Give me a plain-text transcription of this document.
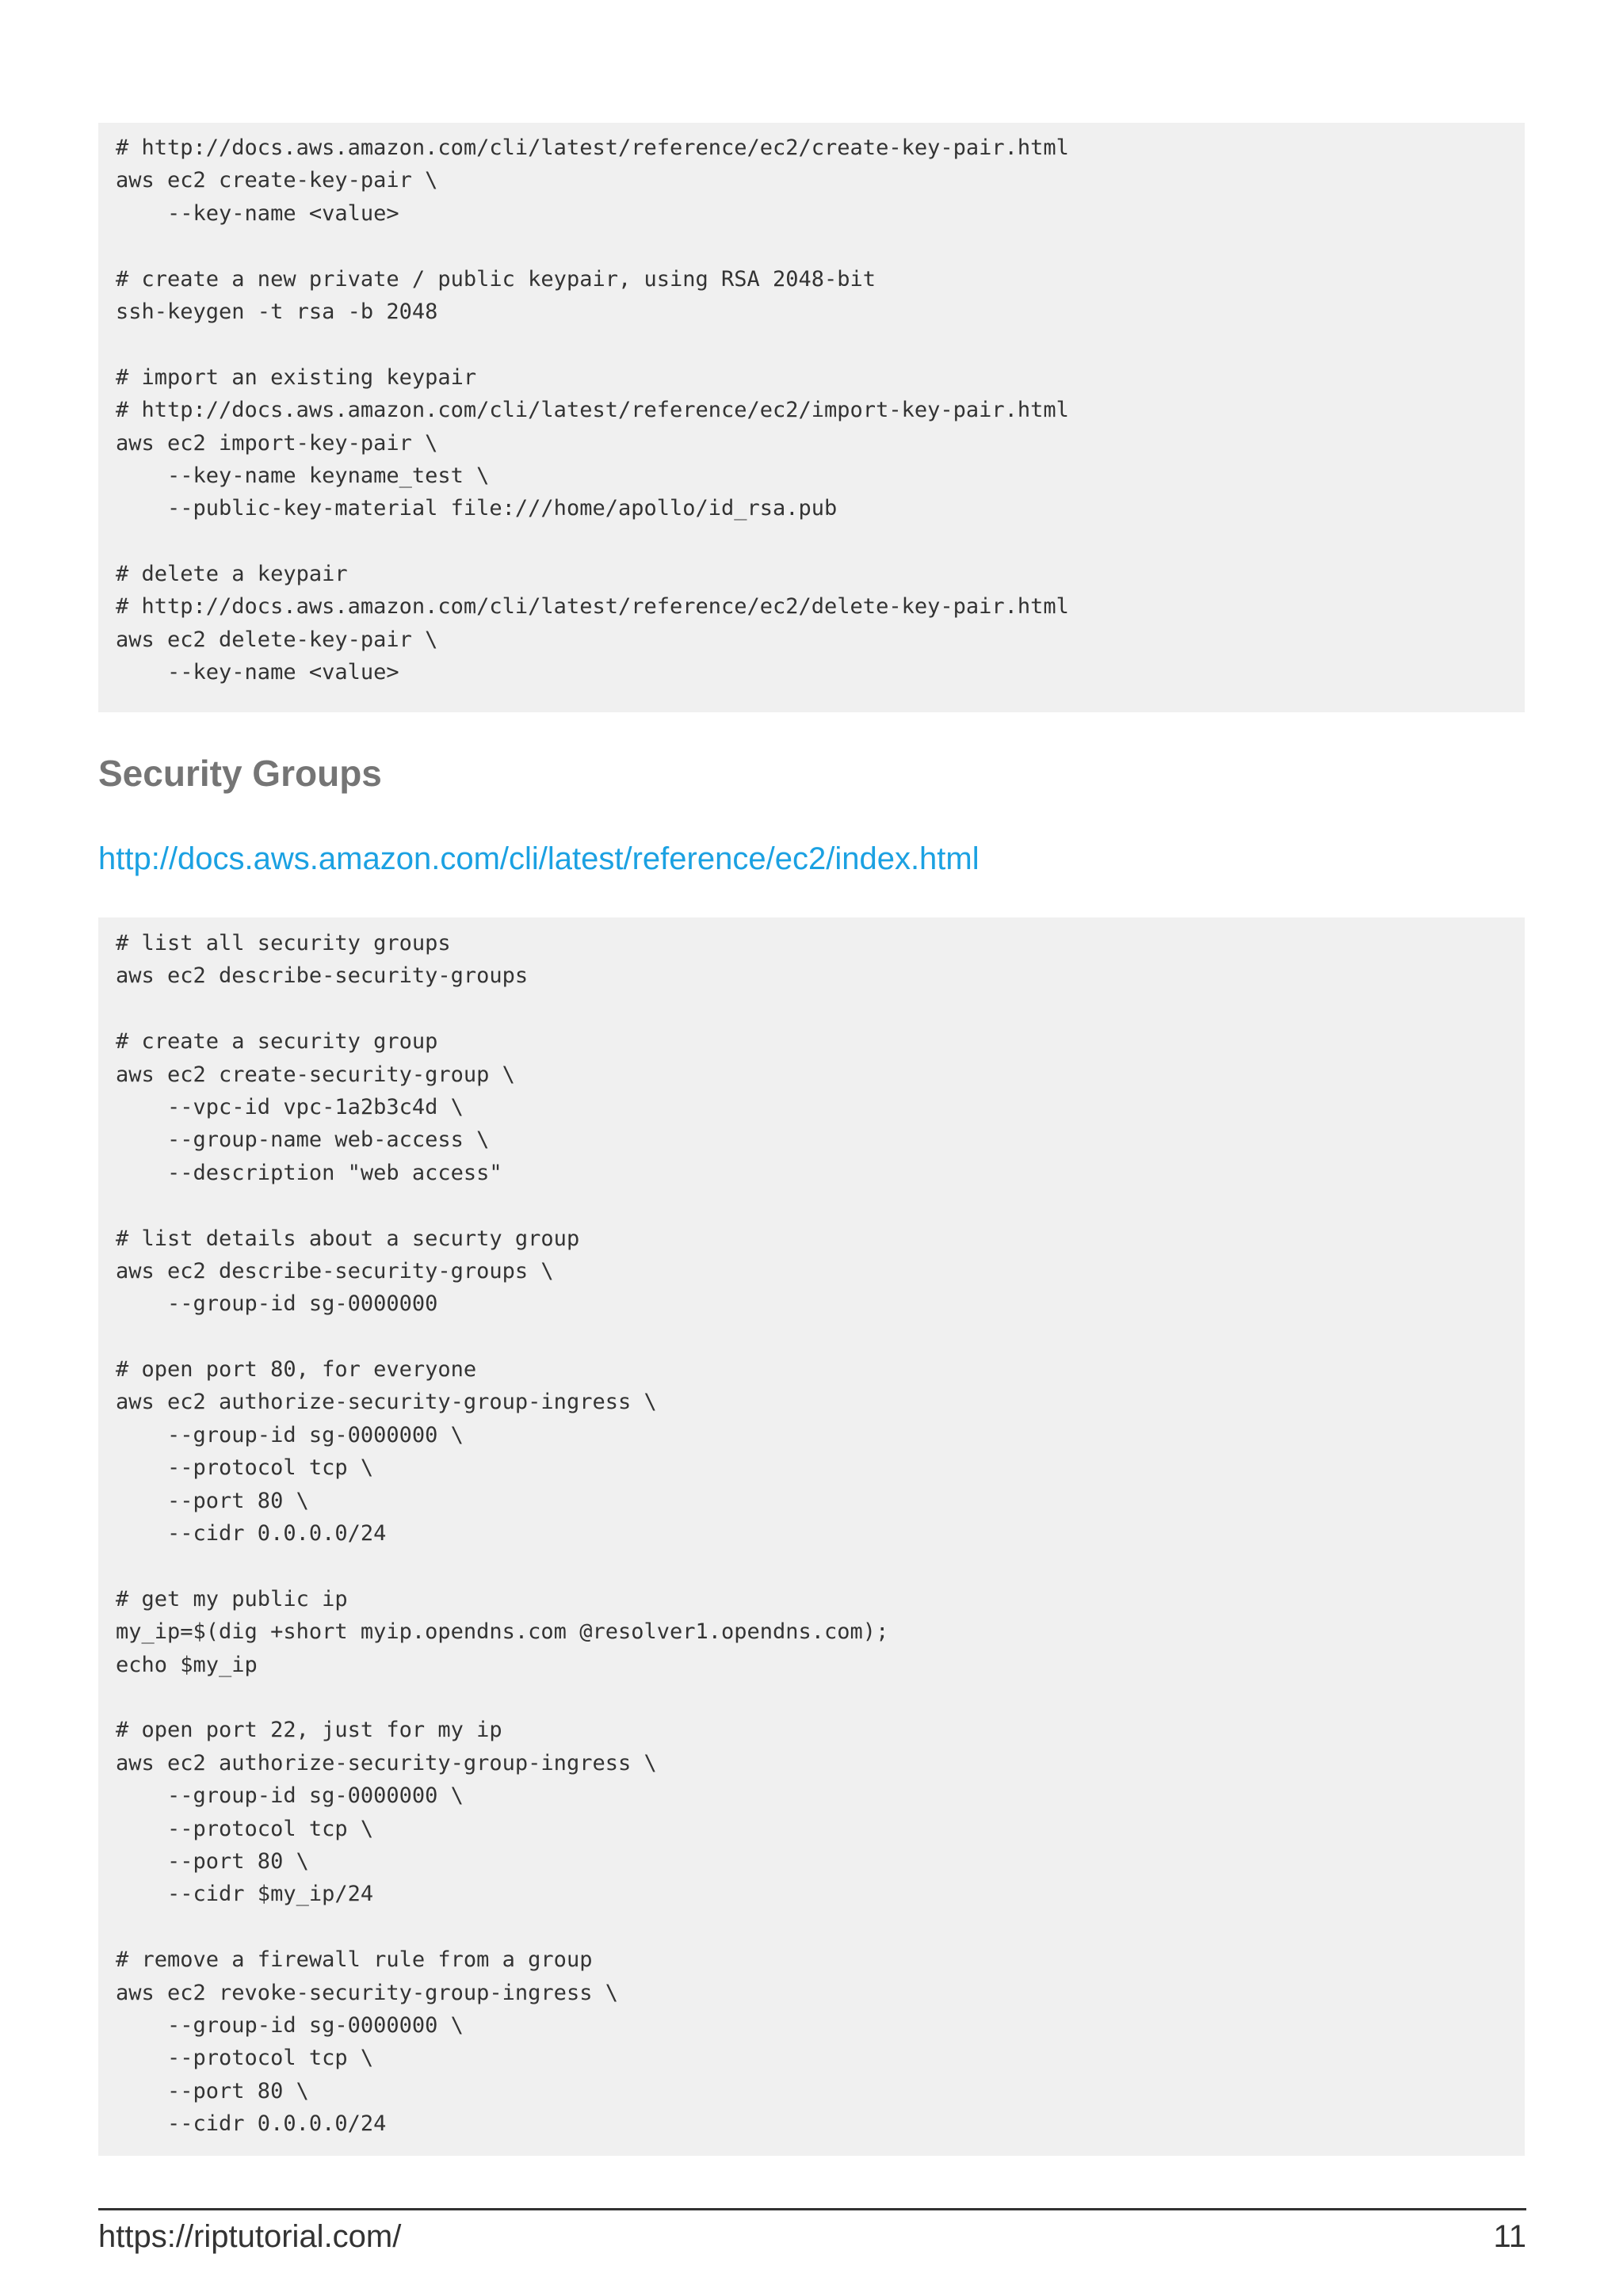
# http://docs.aws.amazon.com/cli/latest/reference/ec2/create-key-pair.html
aws ec2 create-key-pair \
--key-name <value>
# create a new private / public keypair, using RSA 2048-bit
ssh-keygen -t rsa -b 2048
# import an existing keypair
# http://docs.aws.amazon.com/cli/latest/reference/ec2/import-key-pair.html
aws ec2 import-key-pair \
--key-name keyname_test \
--public-key-material file:///home/apollo/id_rsa.pub
# delete a keypair
# http://docs.aws.amazon.com/cli/latest/reference/ec2/delete-key-pair.html
aws ec2 delete-key-pair \
--key-name <value>
Security Groups
http://docs.aws.amazon.com/cli/latest/reference/ec2/index.html
# list all security groups
aws ec2 describe-security-groups
# create a security group
aws ec2 create-security-group \
--vpc-id vpc-1a2b3c4d \
--group-name web-access \
--description "web access"
# list details about a securty group
aws ec2 describe-security-groups \
--group-id sg-0000000
# open port 80, for everyone
aws ec2 authorize-security-group-ingress \
--group-id sg-0000000 \
--protocol tcp \
--port 80 \
--cidr 0.0.0.0/24
# get my public ip
my_ip=$(dig +short myip.opendns.com @resolver1.opendns.com);
echo $my_ip
# open port 22, just for my ip
aws ec2 authorize-security-group-ingress \
--group-id sg-0000000 \
--protocol tcp \
--port 80 \
--cidr $my_ip/24
# remove a firewall rule from a group
aws ec2 revoke-security-group-ingress \
--group-id sg-0000000 \
--protocol tcp \
--port 80 \
--cidr 0.0.0.0/24
https://riptutorial.com/	11
